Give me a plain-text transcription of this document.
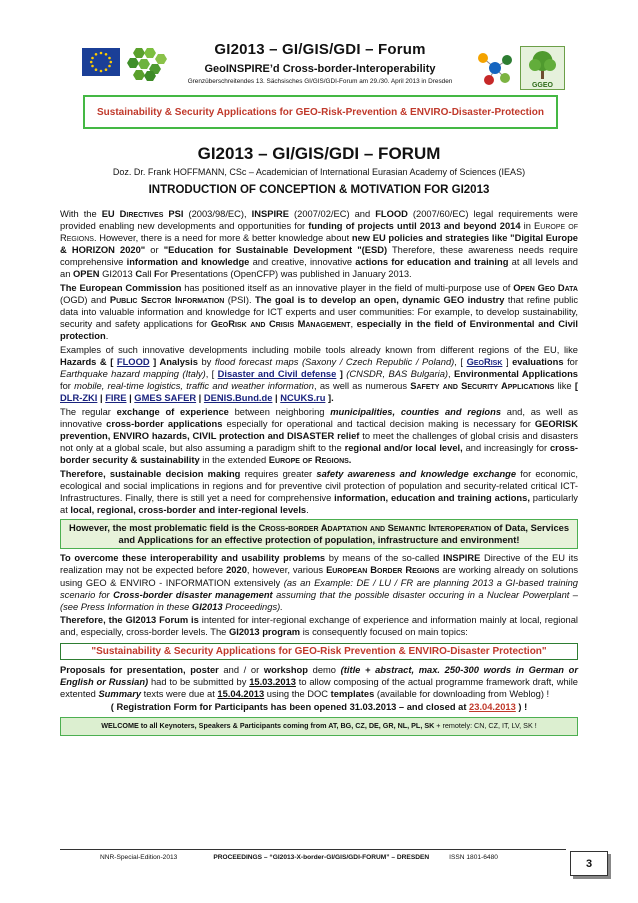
GGEO
GI2013 – GI/GIS/GDI – Forum
GeoINSPIRE’d Cross-border-Interoperability
Grenzüberschreitendes 13. Sächsisches GI/GIS/GDI-Forum am 29./30. April 2013 in Dresden
Sustainability & Security Applications for GEO-Risk-Prevention & ENVIRO-Disaster-Protection
GI2013 – GI/GIS/GDI – FORUM
Doz. Dr. Frank HOFFMANN, CSc – Academician of International Eurasian Academy of Sciences (IEAS)
INTRODUCTION OF CONCEPTION & MOTIVATION FOR GI2013

With the EU Directives PSI (2003/98/EC), INSPIRE (2007/02/EC) and FLOOD (2007/60/EC) legal requirements were provided enabling new developments and opportunities for funding of projects until 2013 and beyond 2014 in Europe of Regions. However, there is a need for more & better knowledge about new EU policies and strategies like "Digital Europe & HORIZON 2020" or "Education for Sustainable Development "(ESD) Therefore, these awareness needs require comprehensive information and knowledge and creative, innovative actions for education and training at all levels and an OPEN GI2013 Call For Presentations (OpenCFP) was published in January 2013.

The European Commission has positioned itself as an innovative player in the field of multi-purpose use of Open Geo Data (OGD) and Public Sector Information (PSI). The goal is to develop an open, dynamic GEO industry that refine public data into valuable information and knowledge for ICT experts and user communities: For example, to develop sustainability, security and safety applications for GeoRisk and Crisis Management, especially in the field of Environmental and Civil protection.

Examples of such innovative developments including mobile tools already known from different regions of the EU, like Hazards & [ FLOOD ] Analysis by flood forecast maps (Saxony / Czech Republic / Poland), [ GeoRisk ] evaluations for Earthquake hazard mapping (Italy), [ Disaster and Civil defense ] (CNSDR, BAS Bulgaria), Environmental Applications for mobile, real-time logistics, traffic and weather information, as well as numerous Safety and Security Applications like [ DLR-ZKI | FIRE | GMES SAFER | DENIS.Bund.de | NCUKS.ru ].

The regular exchange of experience between neighboring municipalities, counties and regions and, as well as innovative cross-border applications especially for operational and tactical decision making is necessary for GEORISK prevention, ENVIRO hazards, CIVIL protection and DISASTER relief to meet the challenges of global crisis and disasters not only at a global scale, but also assuming a paradigm shift to the regional and/or local level, and increasingly for cross-border security & sustainability in the extended Europe of Regions.

Therefore, sustainable decision making requires greater safety awareness and knowledge exchange for economic, ecological and social implications in regions and for preventive civil protection of population and security-related critical ICT-Infrastructures. Finally, there is still yet a need for comprehensive information, education and training actions, particularly at local, regional, cross-border and inter-regional levels.

However, the most problematic field is the Cross-border Adaptation and Semantic Interoperation of Data, Services and Applications for an effective protection of population, infrastructure and environment!

To overcome these interoperability and usability problems by means of the so-called INSPIRE Directive of the EU its realization may not be expected before 2020, however, various European Border Regions are working already on solutions using GEO & ENVIRO - INFORMATION extensively (as an Example: DE / LU / FR are planning 2013 a GI-based training scenario for Cross-border disaster management assuming that the possible disaster occuring in a Nuclear Powerplant – (see Press Information in these GI2013 Proceedings).

Therefore, the GI2013 Forum is intented for inter-regional exchange of experience and information mainly at local, regional and, especially, cross-border levels. The GI2013 program is consequently focused on main topics:

"Sustainability & Security Applications for GEO-Risk Prevention & ENVIRO-Disaster Protection"

Proposals for presentation, poster and / or workshop demo (title + abstract, max. 250-300 words in German or English or Russian) had to be submitted by 15.03.2013 to allow composing of the actual programme framework draft, while extented Summary texts were due at 15.04.2013 using the DOC templates (available for downloading from Weblog) !

( Registration Form for Participants has been opened 31.03.2013 – and closed at 23.04.2013 ) !

WELCOME to all Keynoters, Speakers & Participants coming from AT, BG, CZ, DE, GR, NL, PL, SK + remotely: CN, CZ, IT, LV, SK !
NNR-Special-Edition-2013	PROCEEDINGS – “GI2013-X-border-GI/GIS/GDI-FORUM” – DRESDEN	ISSN 1801-6480	3
